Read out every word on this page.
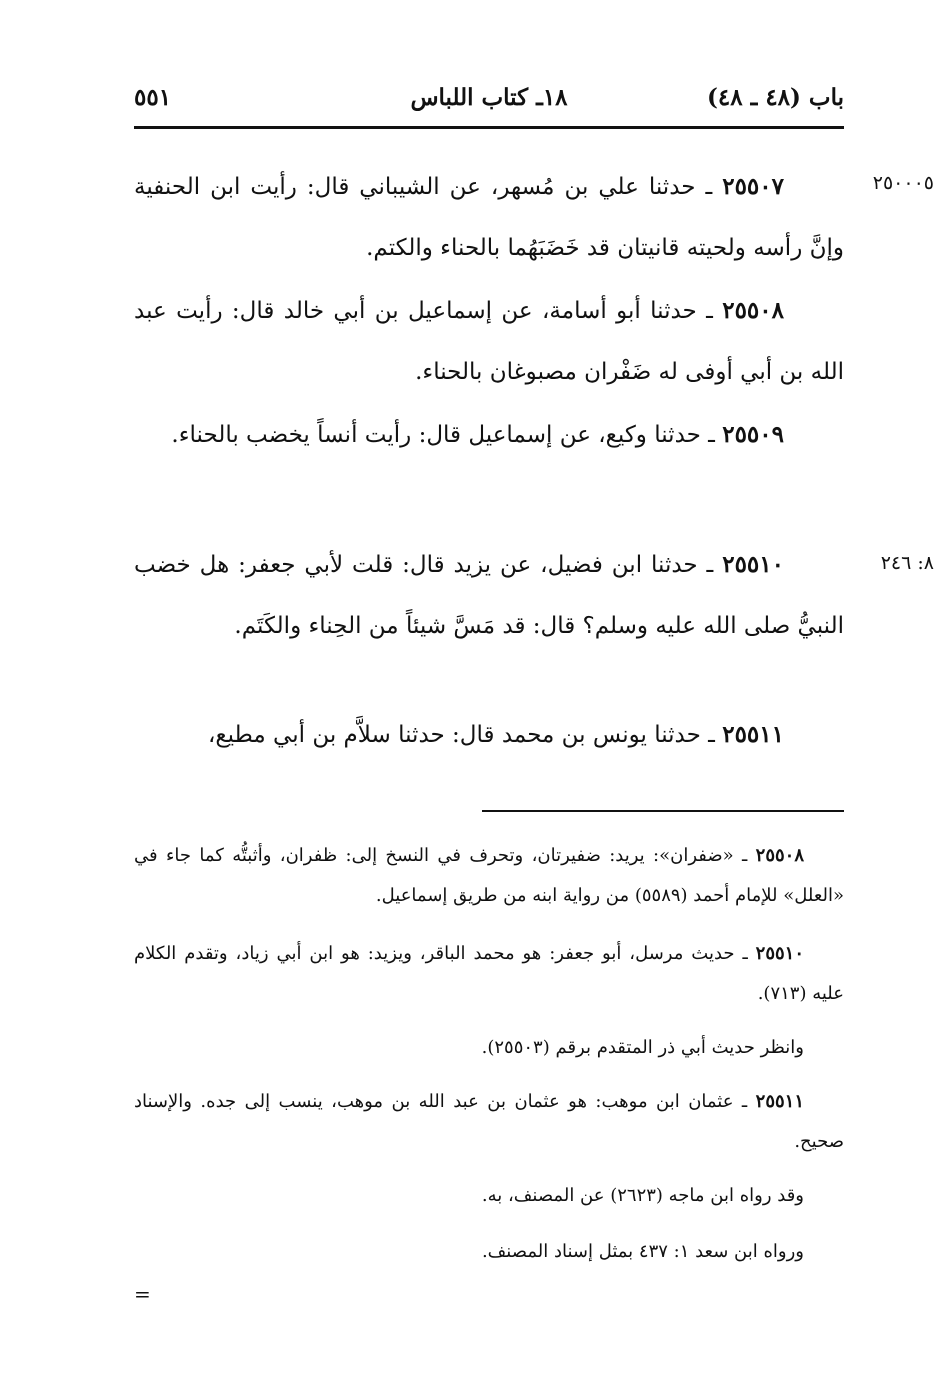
باب (٤٨ ـ ٤٨)
١٨ـ كتاب اللباس
٥٥١
٢٥٠٠٠٥
٨: ٢٤٦

٢٥٥٠٧ ـ حدثنا علي بن مُسهر، عن الشيباني قال: رأيت ابن الحنفية وإنَّ رأسه ولحيته قانيتان قد خَضَبَهُما بالحناء والكتم.

٢٥٥٠٨ ـ حدثنا أبو أسامة، عن إسماعيل بن أبي خالد قال: رأيت عبد الله بن أبي أوفى له ضَفْران مصبوغان بالحناء.

٢٥٥٠٩ ـ حدثنا وكيع، عن إسماعيل قال: رأيت أنساً يخضب بالحناء.

٢٥٥١٠ ـ حدثنا ابن فضيل، عن يزيد قال: قلت لأبي جعفر: هل خضب النبيُّ صلى الله عليه وسلم؟ قال: قد مَسَّ شيئاً من الحِناء والكَتَم.

٢٥٥١١ ـ حدثنا يونس بن محمد قال: حدثنا سلاَّم بن أبي مطيع،

٢٥٥٠٨ ـ «ضفران»: يريد: ضفيرتان، وتحرف في النسخ إلى: ظفران، وأثبتُّه كما جاء في «العلل» للإمام أحمد (٥٥٨٩) من رواية ابنه من طريق إسماعيل.

٢٥٥١٠ ـ حديث مرسل، أبو جعفر: هو محمد الباقر، ويزيد: هو ابن أبي زياد، وتقدم الكلام عليه (٧١٣).

وانظر حديث أبي ذر المتقدم برقم (٢٥٥٠٣).

٢٥٥١١ ـ عثمان ابن موهب: هو عثمان بن عبد الله بن موهب، ينسب إلى جده. والإسناد صحيح.

وقد رواه ابن ماجه (٢٦٢٣) عن المصنف، به.

ورواه ابن سعد ١: ٤٣٧ بمثل إسناد المصنف.

=
